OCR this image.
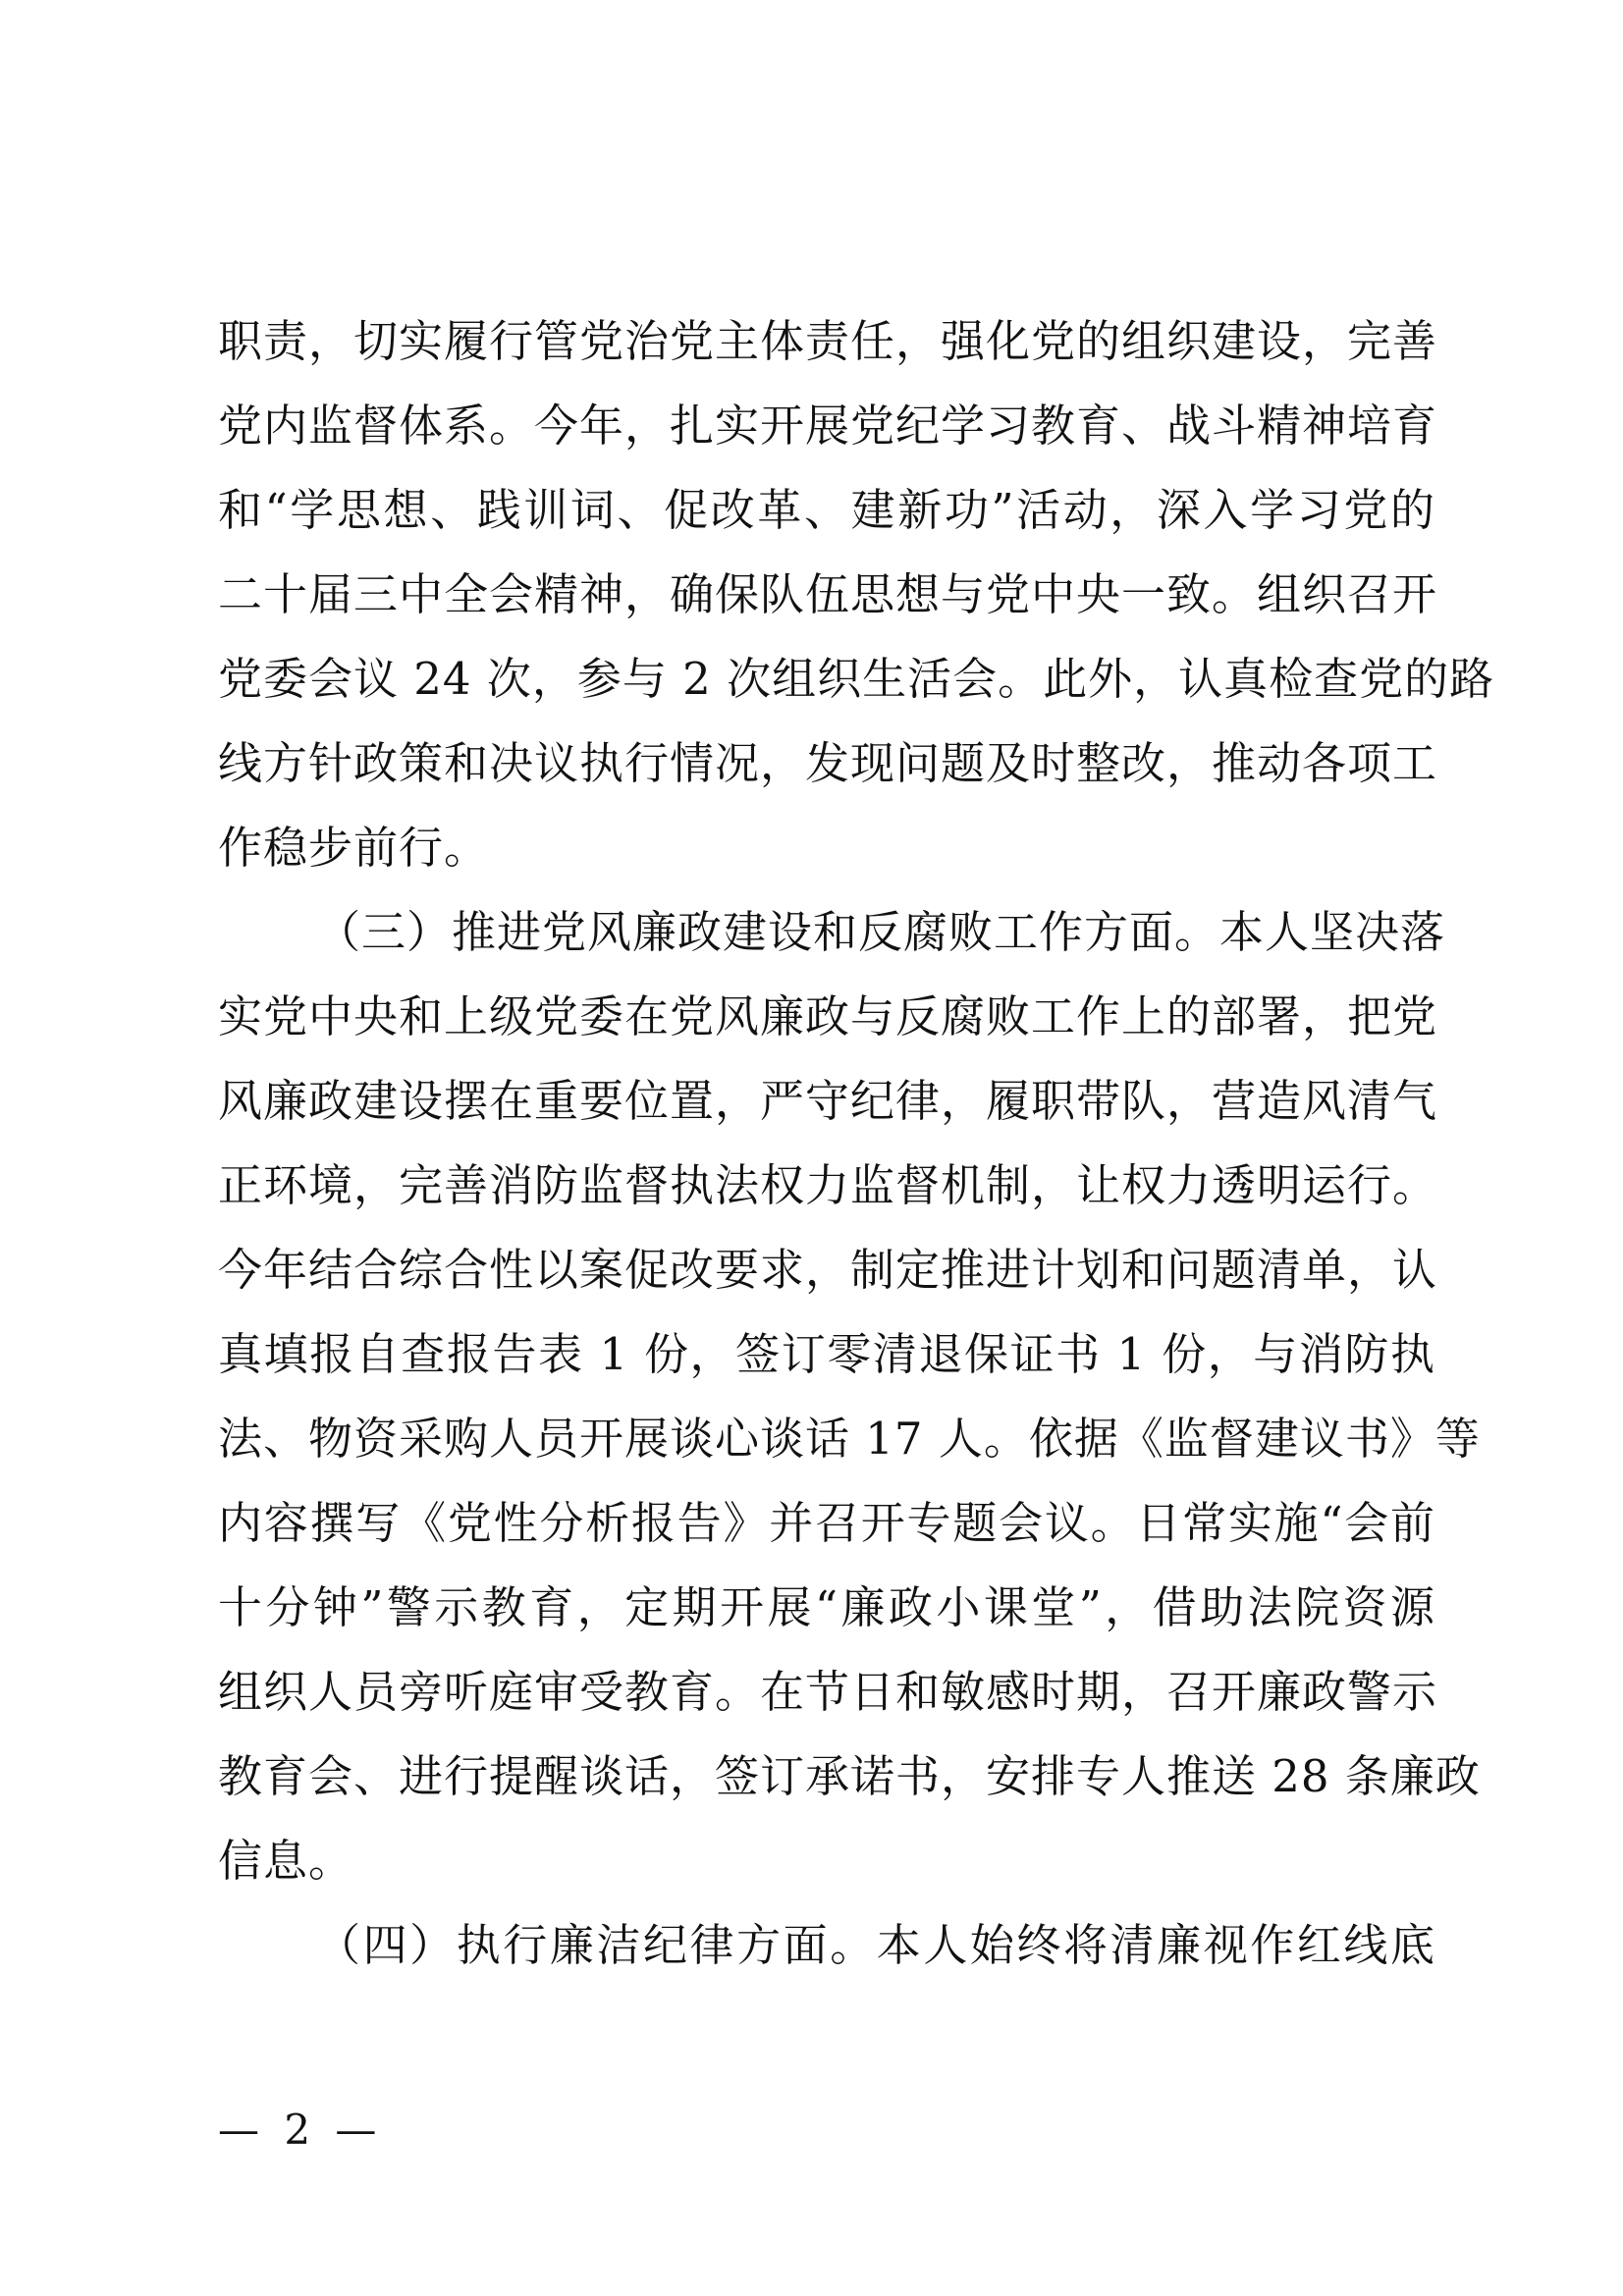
职责，切实履行管党治党主体责任，强化党的组织建设，完善
党内监督体系。今年，扎实开展党纪学习教育、战斗精神培育
和“学思想、践训词、促改革、建新功”活动，深入学习党的
二十届三中全会精神，确保队伍思想与党中央一致。组织召开
党委会议 24 次，参与 2 次组织生活会。此外，认真检查党的路
线方针政策和决议执行情况，发现问题及时整改，推动各项工
作稳步前行。
（三）推进党风廉政建设和反腐败工作方面。本人坚决落
实党中央和上级党委在党风廉政与反腐败工作上的部署，把党
风廉政建设摆在重要位置，严守纪律，履职带队，营造风清气
正环境，完善消防监督执法权力监督机制，让权力透明运行。
今年结合综合性以案促改要求，制定推进计划和问题清单，认
真填报自查报告表 1 份，签订零清退保证书 1 份，与消防执
法、物资采购人员开展谈心谈话 17 人。依据《监督建议书》等
内容撰写《党性分析报告》并召开专题会议。日常实施“会前
十分钟”警示教育，定期开展“廉政小课堂”，借助法院资源
组织人员旁听庭审受教育。在节日和敏感时期，召开廉政警示
教育会、进行提醒谈话，签订承诺书，安排专人推送 28 条廉政
信息。
（四）执行廉洁纪律方面。本人始终将清廉视作红线底
— 2 —
